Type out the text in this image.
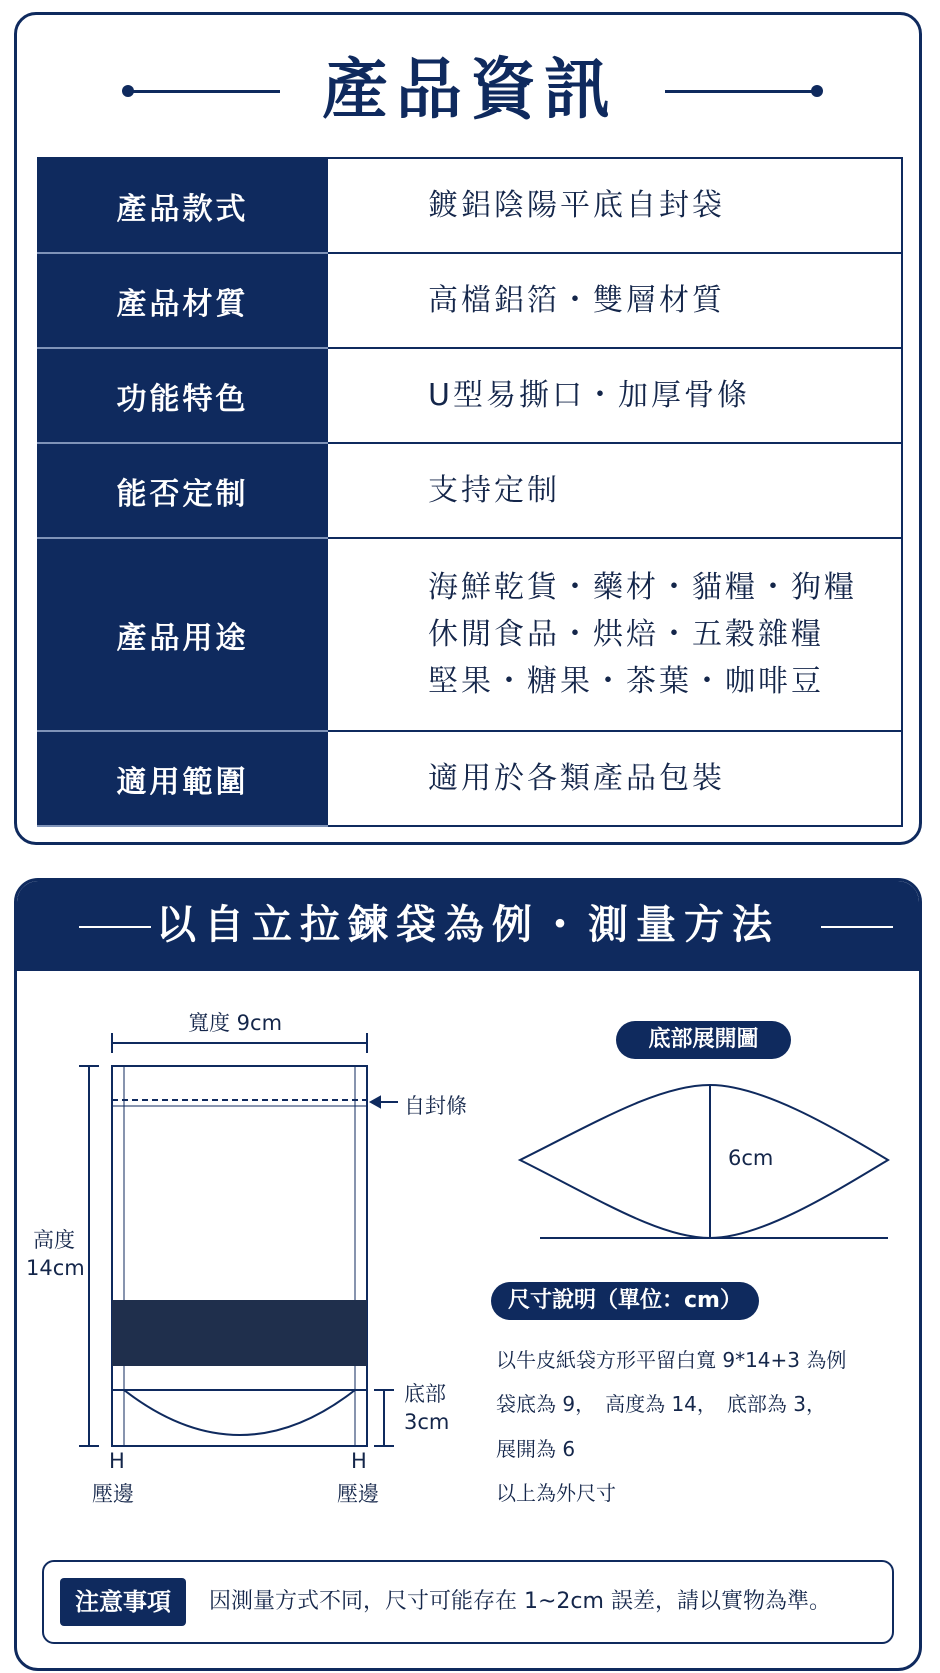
產品資訊
產品款式	鍍鋁陰陽平底自封袋

產品材質	高檔鋁箔・雙層材質

功能特色	U型易撕口・加厚骨條

能否定制	支持定制

產品用途	海鮮乾貨・藥材・貓糧・狗糧
休閒食品・烘焙・五穀雜糧
堅果・糖果・茶葉・咖啡豆

適用範圍	適用於各類產品包裝
以自立拉鍊袋為例・測量方法
寬度 9cm
自封條
高度
14cm
底部
3cm
H	H
壓邊	壓邊
底部展開圖
6cm
尺寸說明（單位：cm）
以牛皮紙袋方形平留白寬 9*14+3 為例
袋底為 9，　高度為 14，　底部為 3，
展開為 6
以上為外尺寸
注意事項	因測量方式不同，尺寸可能存在 1~2cm 誤差，請以實物為準。
